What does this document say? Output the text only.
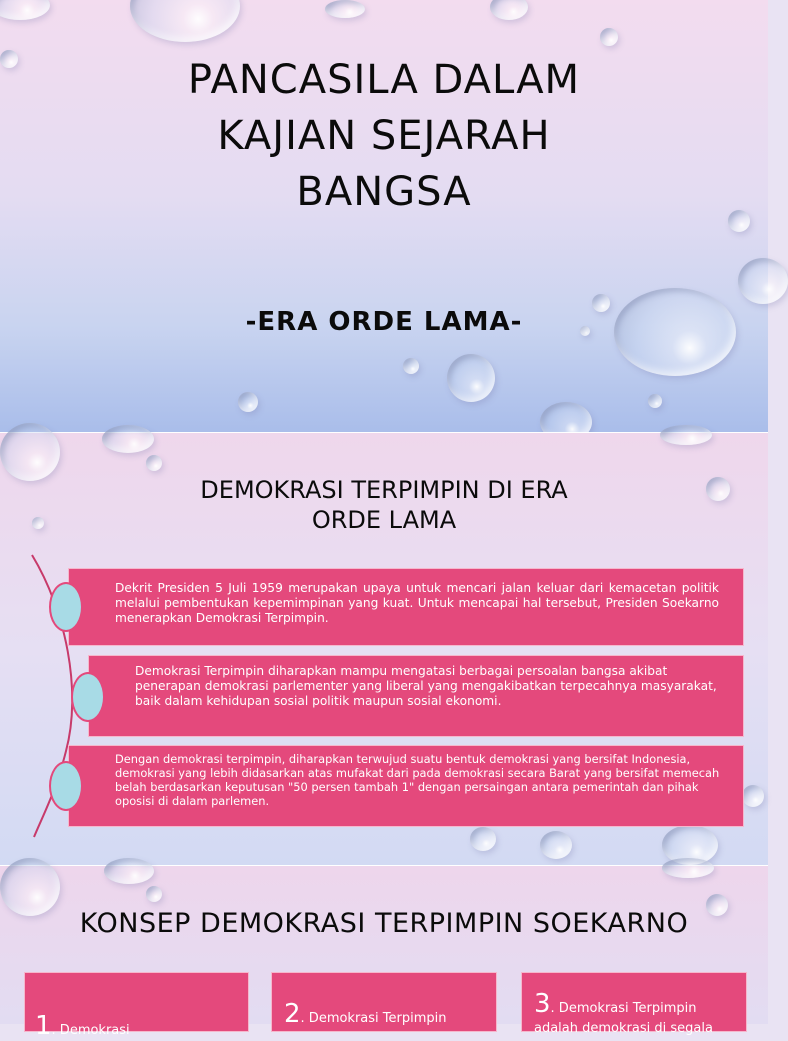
PANCASILA DALAM
KAJIAN SEJARAH
BANGSA
-ERA ORDE LAMA-
DEMOKRASI TERPIMPIN DI ERA
ORDE LAMA

Dekrit Presiden 5 Juli 1959 merupakan upaya untuk mencari jalan keluar dari kemacetan politik melalui pembentukan kepemimpinan yang kuat. Untuk mencapai hal tersebut, Presiden Soekarno menerapkan Demokrasi Terpimpin.

Demokrasi Terpimpin diharapkan mampu mengatasi berbagai persoalan bangsa akibat penerapan demokrasi parlementer yang liberal yang mengakibatkan terpecahnya masyarakat, baik dalam kehidupan sosial politik maupun sosial ekonomi.

Dengan demokrasi terpimpin, diharapkan terwujud suatu bentuk demokrasi yang bersifat Indonesia, demokrasi yang lebih didasarkan atas mufakat dari pada demokrasi secara Barat yang bersifat memecah belah berdasarkan keputusan "50 persen tambah 1" dengan persaingan antara pemerintah dan pihak oposisi di dalam parlemen.

KONSEP DEMOKRASI TERPIMPIN SOEKARNO
1. Demokrasi
2. Demokrasi Terpimpin	3. Demokrasi Terpimpin
adalah demokrasi di segala
